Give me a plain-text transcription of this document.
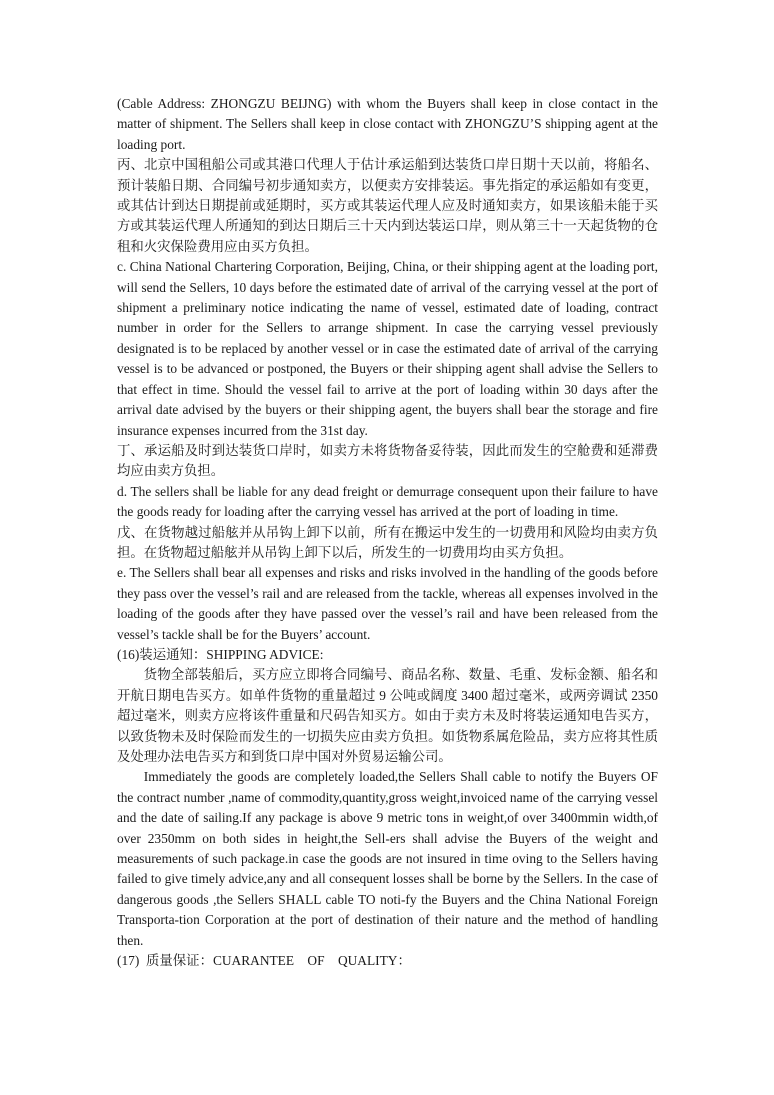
(Cable Address: ZHONGZU BEIJNG) with whom the Buyers shall keep in close contact in the matter of shipment. The Sellers shall keep in close contact with ZHONGZU’S shipping agent at the loading port.

丙、北京中国租船公司或其港口代理人于估计承运船到达装货口岸日期十天以前，将船名、预计装船日期、合同编号初步通知卖方，以便卖方安排装运。事先指定的承运船如有变更，或其估计到达日期提前或延期时，买方或其装运代理人应及时通知卖方，如果该船未能于买方或其装运代理人所通知的到达日期后三十天内到达装运口岸，则从第三十一天起货物的仓租和火灾保险费用应由买方负担。

c. China National Chartering Corporation, Beijing, China, or their shipping agent at the loading port, will send the Sellers, 10 days before the estimated date of arrival of the carrying vessel at the port of shipment a preliminary notice indicating the name of vessel, estimated date of loading, contract number in order for the Sellers to arrange shipment. In case the carrying vessel previously designated is to be replaced by another vessel or in case the estimated date of arrival of the carrying vessel is to be advanced or postponed, the Buyers or their shipping agent shall advise the Sellers to that effect in time. Should the vessel fail to arrive at the port of loading within 30 days after the arrival date advised by the buyers or their shipping agent, the buyers shall bear the storage and fire insurance expenses incurred from the 31st day.

丁、承运船及时到达装货口岸时，如卖方未将货物备妥待装，因此而发生的空舱费和延滞费均应由卖方负担。

d. The sellers shall be liable for any dead freight or demurrage consequent upon their failure to have the goods ready for loading after the carrying vessel has arrived at the port of loading in time.

戊、在货物越过船舷并从吊钩上卸下以前，所有在搬运中发生的一切费用和风险均由卖方负担。在货物超过船舷并从吊钩上卸下以后，所发生的一切费用均由买方负担。

e. The Sellers shall bear all expenses and risks and risks involved in the handling of the goods before they pass over the vessel’s rail and are released from the tackle, whereas all expenses involved in the loading of the goods after they have passed over the vessel’s rail and have been released from the vessel’s tackle shall be for the Buyers’ account.

(16)装运通知：SHIPPING ADVICE:

货物全部装船后，买方应立即将合同编号、商品名称、数量、毛重、发标金额、船名和开航日期电告买方。如单件货物的重量超过 9 公吨或阔度 3400 超过毫米，或两旁调试 2350 超过毫米，则卖方应将该件重量和尺码告知买方。如由于卖方未及时将装运通知电告买方，以致货物未及时保险而发生的一切损失应由卖方负担。如货物系属危险品，卖方应将其性质及处理办法电告买方和到货口岸中国对外贸易运输公司。

Immediately the goods are completely loaded,the Sellers Shall cable to notify the Buyers OF the contract number ,name of commodity,quantity,gross weight,invoiced name of the carrying vessel and the date of sailing.If any package is above 9 metric tons in weight,of over 3400mmin width,of over 2350mm on both sides in height,the Sell-ers shall advise the Buyers of the weight and measurements of such package.in case the goods are not insured in time oving to the Sellers having failed to give timely advice,any and all consequent losses shall be borne by the Sellers. In the case of dangerous goods ,the Sellers SHALL cable TO noti-fy the Buyers and the China National Foreign Transporta-tion Corporation at the port of destination of their nature and the method of handling then.

(17)  质量保证：CUARANTEE    OF    QUALITY：
